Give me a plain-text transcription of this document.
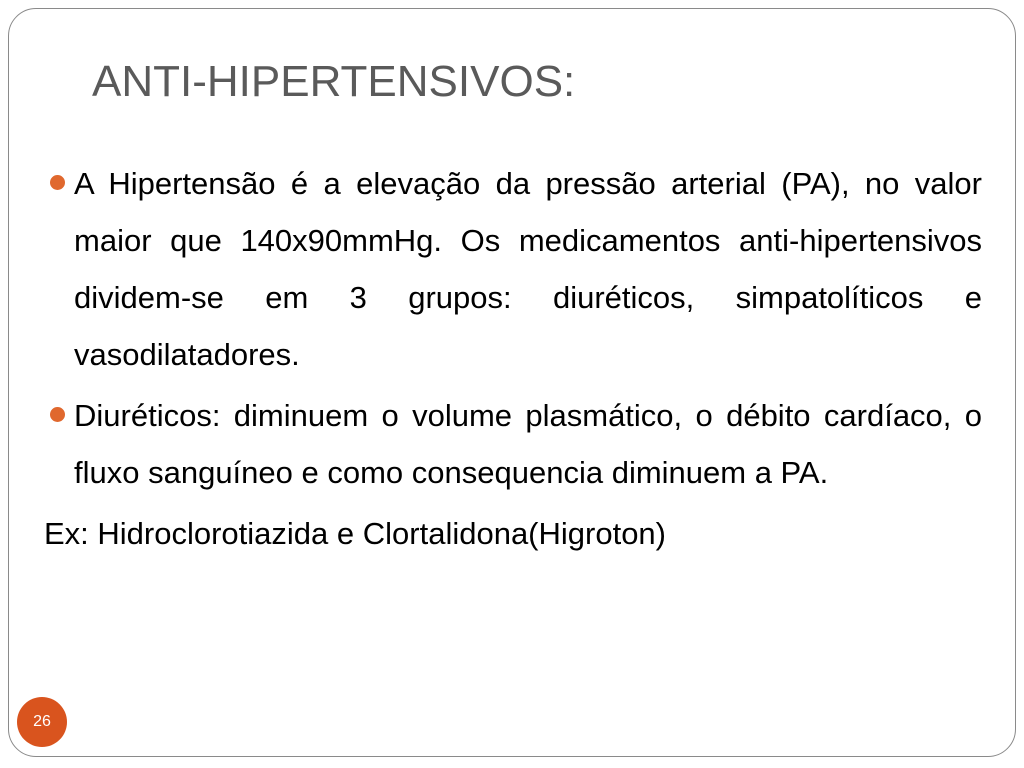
ANTI-HIPERTENSIVOS:

A Hipertensão é a elevação da pressão arterial (PA), no valor maior que 140x90mmHg. Os medicamentos anti-hipertensivos dividem-se em 3 grupos: diuréticos, simpatolíticos e vasodilatadores.

Diuréticos: diminuem o volume plasmático, o débito cardíaco, o fluxo sanguíneo e como consequencia diminuem a PA.

Ex: Hidroclorotiazida e Clortalidona(Higroton)

26
